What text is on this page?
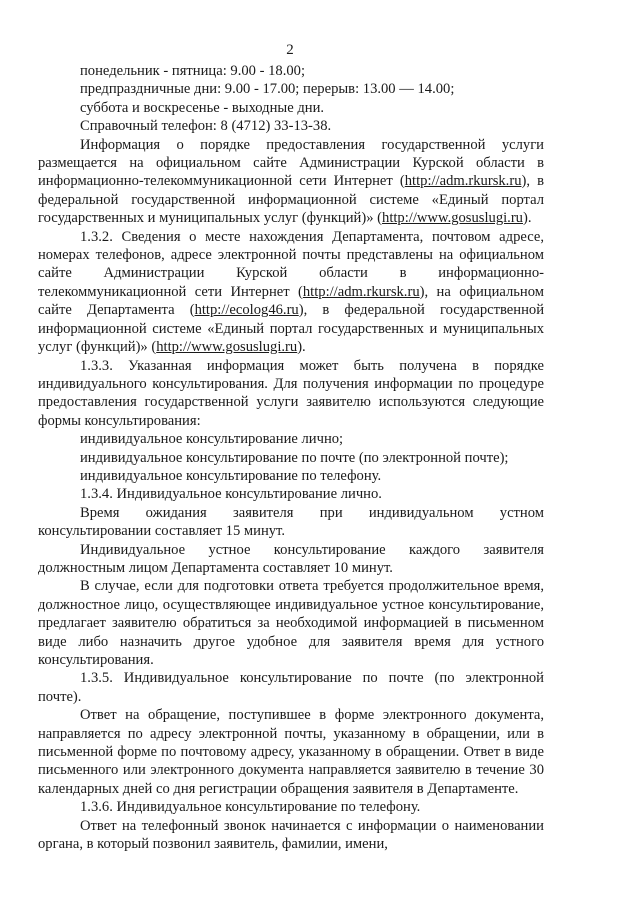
2

понедельник - пятница: 9.00 - 18.00;

предпраздничные дни: 9.00 - 17.00; перерыв: 13.00 — 14.00;

суббота и воскресенье - выходные дни.

Справочный телефон: 8 (4712) 33-13-38.

Информация о порядке предоставления государственной услуги размещается на официальном сайте Администрации Курской области в информационно-телекоммуникационной сети Интернет (http://adm.rkursk.ru), в федеральной государственной информационной системе «Единый портал государственных и муниципальных услуг (функций)» (http://www.gosuslugi.ru).

1.3.2. Сведения о месте нахождения Департамента, почтовом адресе, номерах телефонов, адресе электронной почты представлены на официальном сайте Администрации Курской области в информационно-телекоммуникационной сети Интернет (http://adm.rkursk.ru), на официальном сайте Департамента (http://ecolog46.ru), в федеральной государственной информационной системе «Единый портал государственных и муниципальных услуг (функций)» (http://www.gosuslugi.ru).

1.3.3. Указанная информация может быть получена в порядке индивидуального консультирования. Для получения информации по процедуре предоставления государственной услуги заявителю используются следующие формы консультирования:

индивидуальное консультирование лично;

индивидуальное консультирование по почте (по электронной почте);

индивидуальное консультирование по телефону.

1.3.4. Индивидуальное консультирование лично.

Время ожидания заявителя при индивидуальном устном консультировании составляет 15 минут.

Индивидуальное устное консультирование каждого заявителя должностным лицом Департамента составляет 10 минут.

В случае, если для подготовки ответа требуется продолжительное время, должностное лицо, осуществляющее индивидуальное устное консультирование, предлагает заявителю обратиться за необходимой информацией в письменном виде либо назначить другое удобное для заявителя время для устного консультирования.

1.3.5. Индивидуальное консультирование по почте (по электронной почте).

Ответ на обращение, поступившее в форме электронного документа, направляется по адресу электронной почты, указанному в обращении, или в письменной форме по почтовому адресу, указанному в обращении. Ответ в виде письменного или электронного документа направляется заявителю в течение 30 календарных дней со дня регистрации обращения заявителя в Департаменте.

1.3.6. Индивидуальное консультирование по телефону.

Ответ на телефонный звонок начинается с информации о наименовании органа, в который позвонил заявитель, фамилии, имени,
